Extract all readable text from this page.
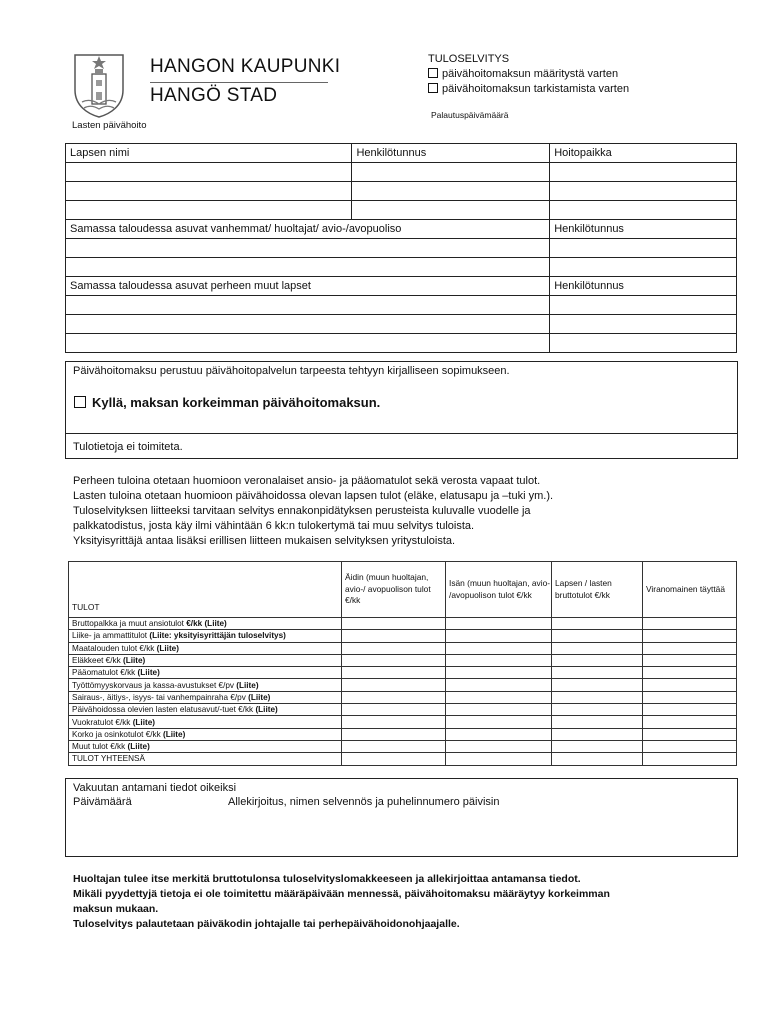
HANGON KAUPUNKI
HANGÖ STAD
Lasten päivähoito
TULOSELVITYS
päivähoitomaksun määritystä varten
päivähoitomaksun tarkistamista varten
Palautuspäivämäärä
Lapsen nimi	Henkilötunnus	Hoitopaikka

Samassa taloudessa asuvat vanhemmat/ huoltajat/ avio-/avopuoliso		Henkilötunnus

Samassa taloudessa asuvat perheen muut lapset		Henkilötunnus

Päivähoitomaksu perustuu päivähoitopalvelun tarpeesta tehtyyn kirjalliseen sopimukseen.
Kyllä, maksan korkeimman päivähoitomaksun.
Tulotietoja ei toimiteta.
Perheen tuloina otetaan huomioon veronalaiset ansio- ja pääomatulot sekä verosta vapaat tulot.
Lasten tuloina otetaan huomioon päivähoidossa olevan lapsen tulot (eläke, elatusapu ja –tuki ym.).
Tuloselvityksen liitteeksi tarvitaan selvitys ennakonpidätyksen perusteista kuluvalle vuodelle ja
palkkatodistus, josta käy ilmi vähintään 6 kk:n tulokertymä tai muu selvitys tuloista.
Yksityisyrittäjä antaa lisäksi erillisen liitteen mukaisen selvityksen yritystuloista.
TULOT	Äidin (muun huoltajan, avio-/ avopuolison tulot €/kk	Isän (muun huoltajan, avio- /avopuolison tulot €/kk	Lapsen / lasten bruttotulot €/kk	Viranomainen täyttää
Bruttopalkka ja muut ansiotulot €/kk (Liite)				
Liike- ja ammattitulot (Liite: yksityisyrittäjän tuloselvitys)				
Maatalouden tulot €/kk (Liite)				
Eläkkeet €/kk (Liite)				
Pääomatulot €/kk (Liite)				
Työttömyyskorvaus ja kassa-avustukset €/pv (Liite)				
Sairaus-, äitiys-, isyys- tai vanhempainraha €/pv (Liite)				
Päivähoidossa olevien lasten elatusavut/-tuet €/kk (Liite)				
Vuokratulot €/kk (Liite)				
Korko ja osinkotulot €/kk (Liite)				
Muut tulot €/kk (Liite)				
TULOT YHTEENSÄ				
Vakuutan antamani tiedot oikeiksi
Päivämäärä	Allekirjoitus, nimen selvennös ja puhelinnumero päivisin
Huoltajan tulee itse merkitä bruttotulonsa tuloselvityslomakkeeseen ja allekirjoittaa antamansa tiedot.
Mikäli pyydettyjä tietoja ei ole toimitettu määräpäivään mennessä, päivähoitomaksu määräytyy korkeimman
maksun mukaan.
Tuloselvitys palautetaan päiväkodin johtajalle tai perhepäivähoidonohjaajalle.
